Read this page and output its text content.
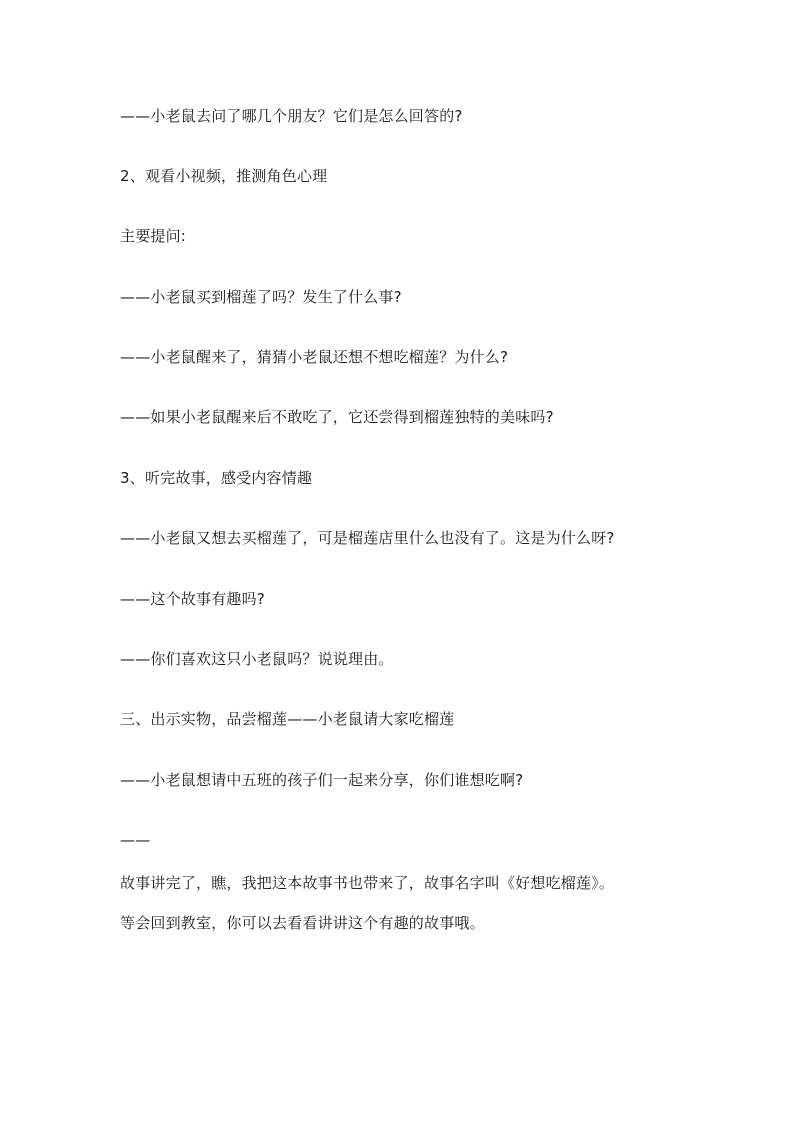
——小老鼠去问了哪几个朋友？它们是怎么回答的?
2、观看小视频，推测角色心理
主要提问:
——小老鼠买到榴莲了吗？发生了什么事?
——小老鼠醒来了，猜猜小老鼠还想不想吃榴莲？为什么?
——如果小老鼠醒来后不敢吃了，它还尝得到榴莲独特的美味吗?
3、听完故事，感受内容情趣
——小老鼠又想去买榴莲了，可是榴莲店里什么也没有了。这是为什么呀?
——这个故事有趣吗?
——你们喜欢这只小老鼠吗？说说理由。
三、出示实物，品尝榴莲——小老鼠请大家吃榴莲
——小老鼠想请中五班的孩子们一起来分享，你们谁想吃啊?
——
故事讲完了，瞧，我把这本故事书也带来了，故事名字叫《好想吃榴莲》。
等会回到教室，你可以去看看讲讲这个有趣的故事哦。
